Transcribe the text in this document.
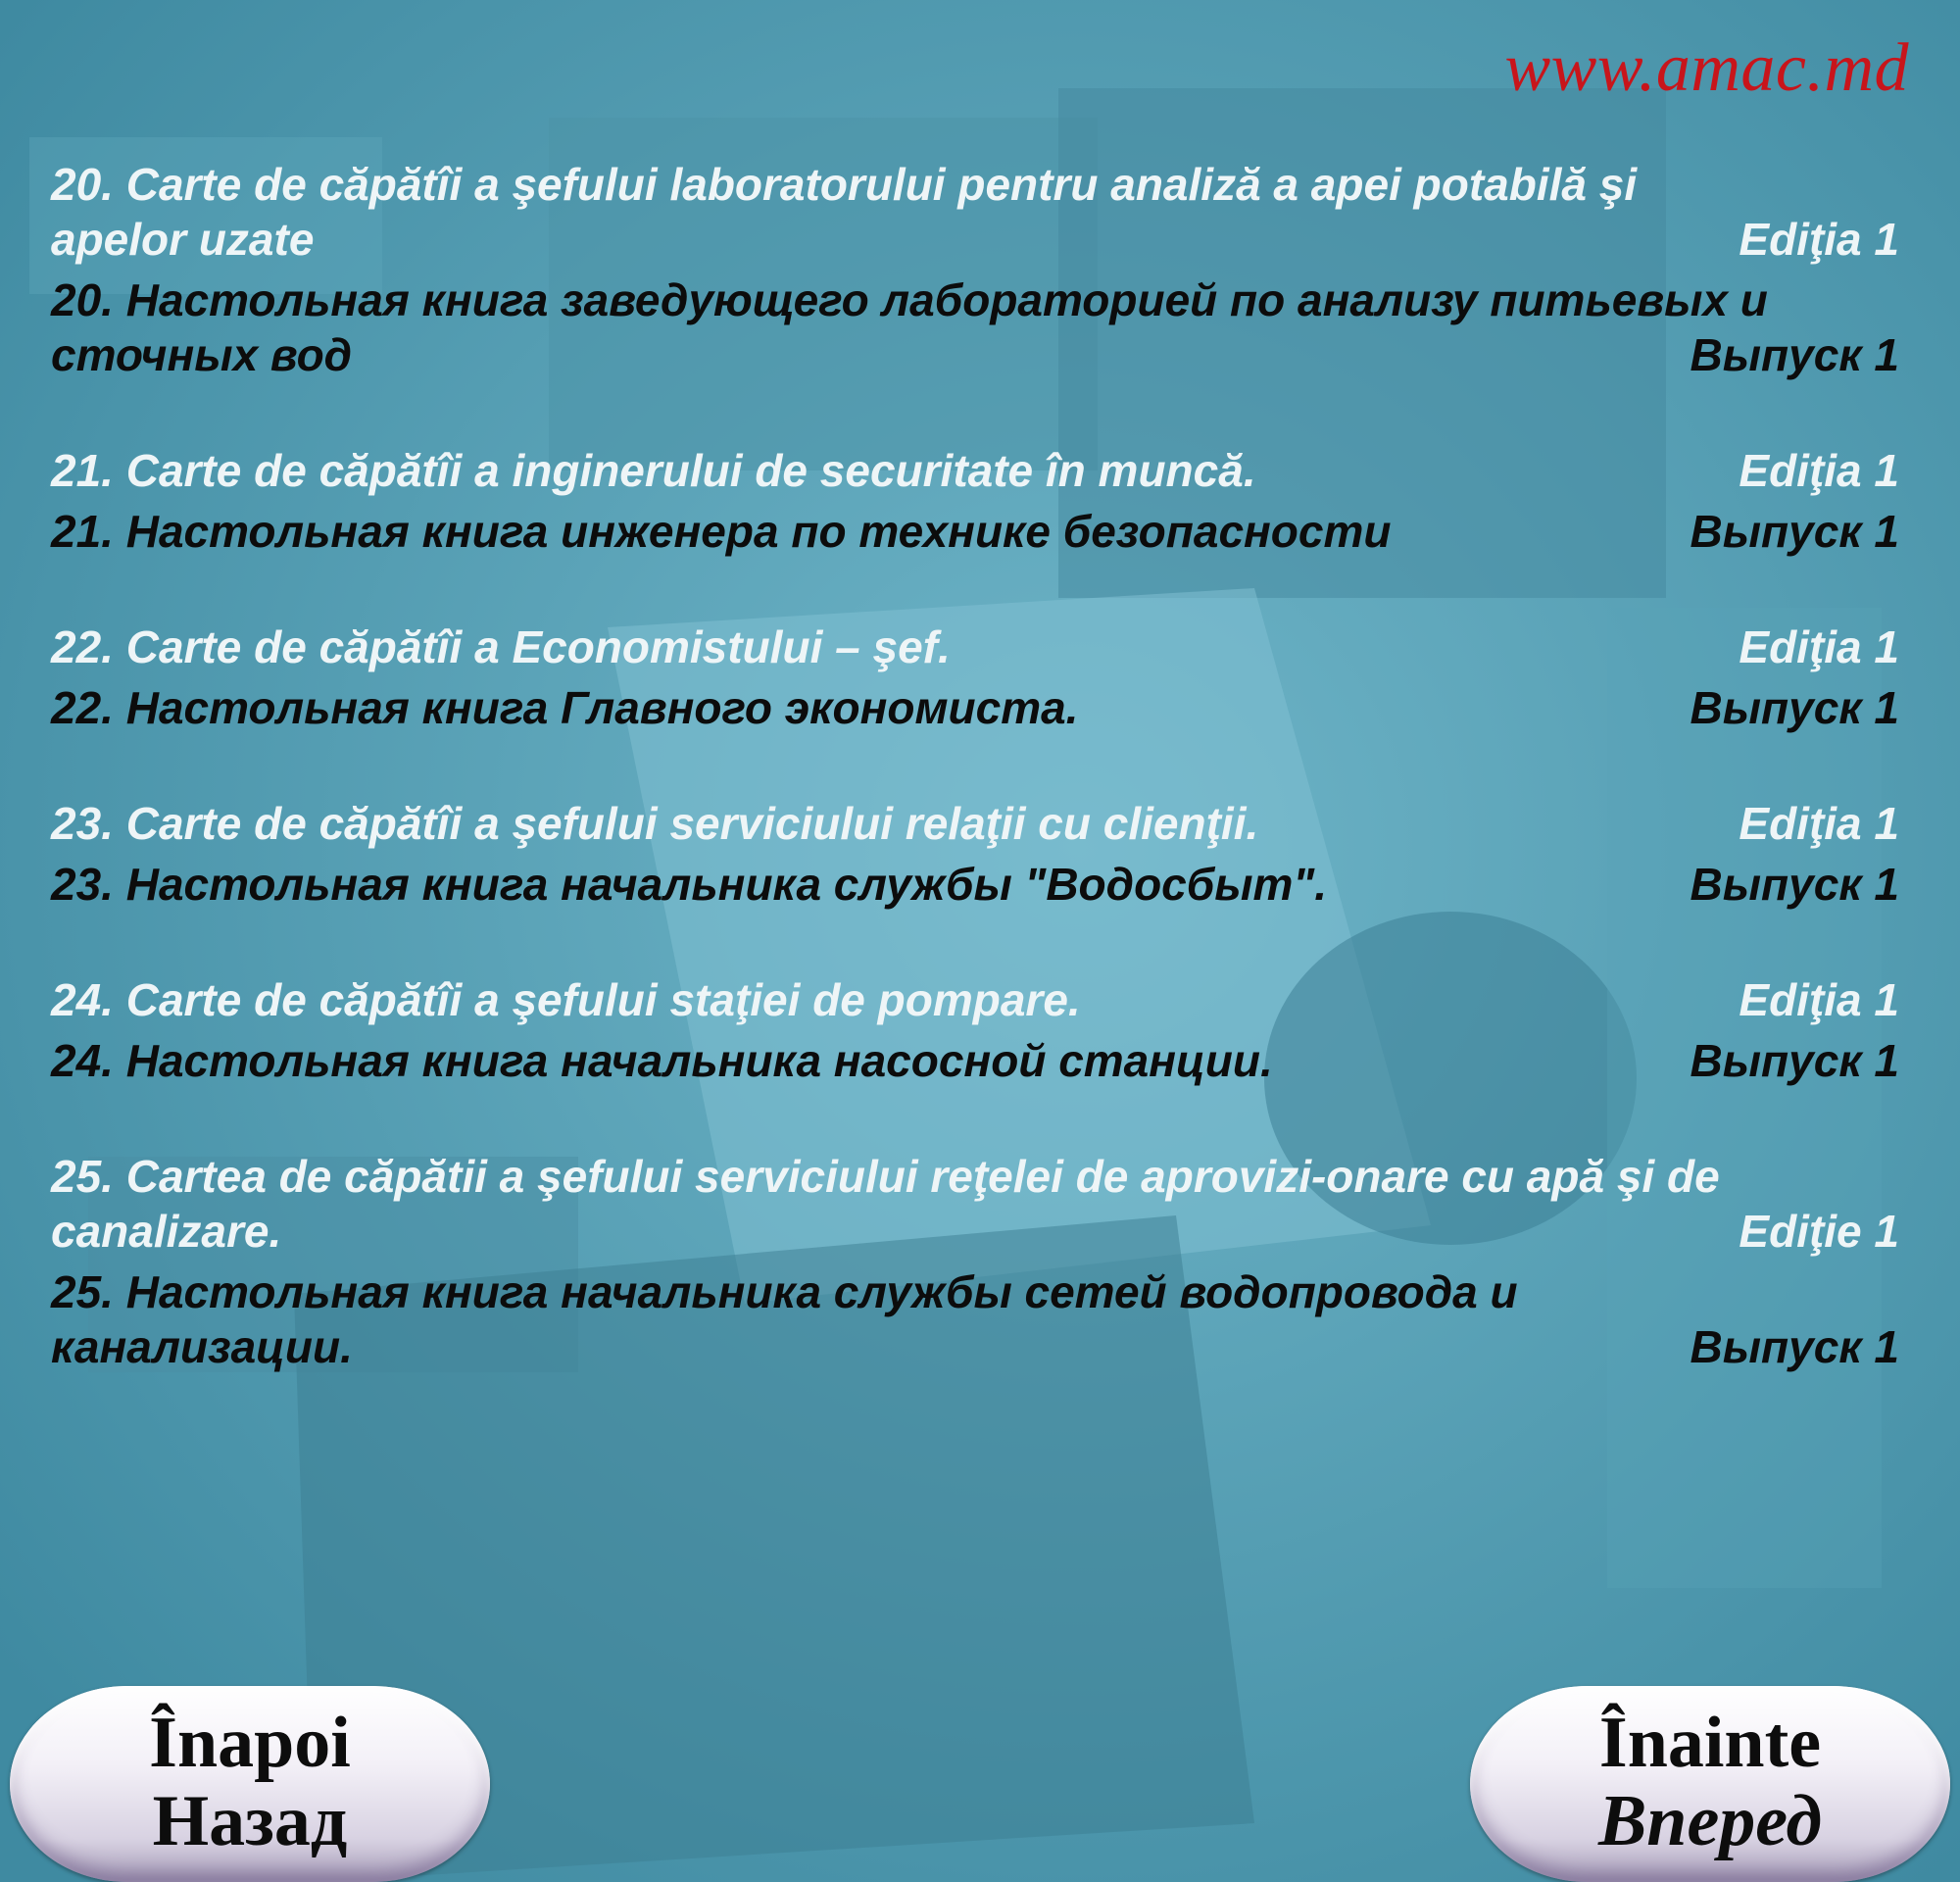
www.amac.md
20. Carte de căpătîi a şefului laboratorului pentru analiză a apei potabilă şi apelor uzate	Ediţia 1
20. Настольная книга заведующего лабораторией по анализу питьевых и сточных вод	Выпуск 1
21. Carte de căpătîi a inginerului de securitate în muncă.	Ediţia 1
21. Настольная книга инженера по технике безопасности	Выпуск 1
22. Carte de căpătîi a Economistului – şef.	Ediţia 1
22. Настольная книга Главного экономиста.	Выпуск 1
23. Carte de căpătîi a şefului serviciului relaţii cu clienţii.	Ediţia 1
23. Настольная книга начальника службы "Водосбыт".	Выпуск 1
24. Carte de căpătîi a şefului staţiei de pompare.	Ediţia 1
24. Настольная книга начальника насосной станции.	Выпуск 1
25. Cartea de căpătii a şefului serviciului reţelei de aprovizi-onare cu apă şi de canalizare.	Ediţie 1
25. Настольная книга начальника службы сетей водопровода и канализации.	Выпуск 1
Înapoi
Назад
Înainte
Вперед
